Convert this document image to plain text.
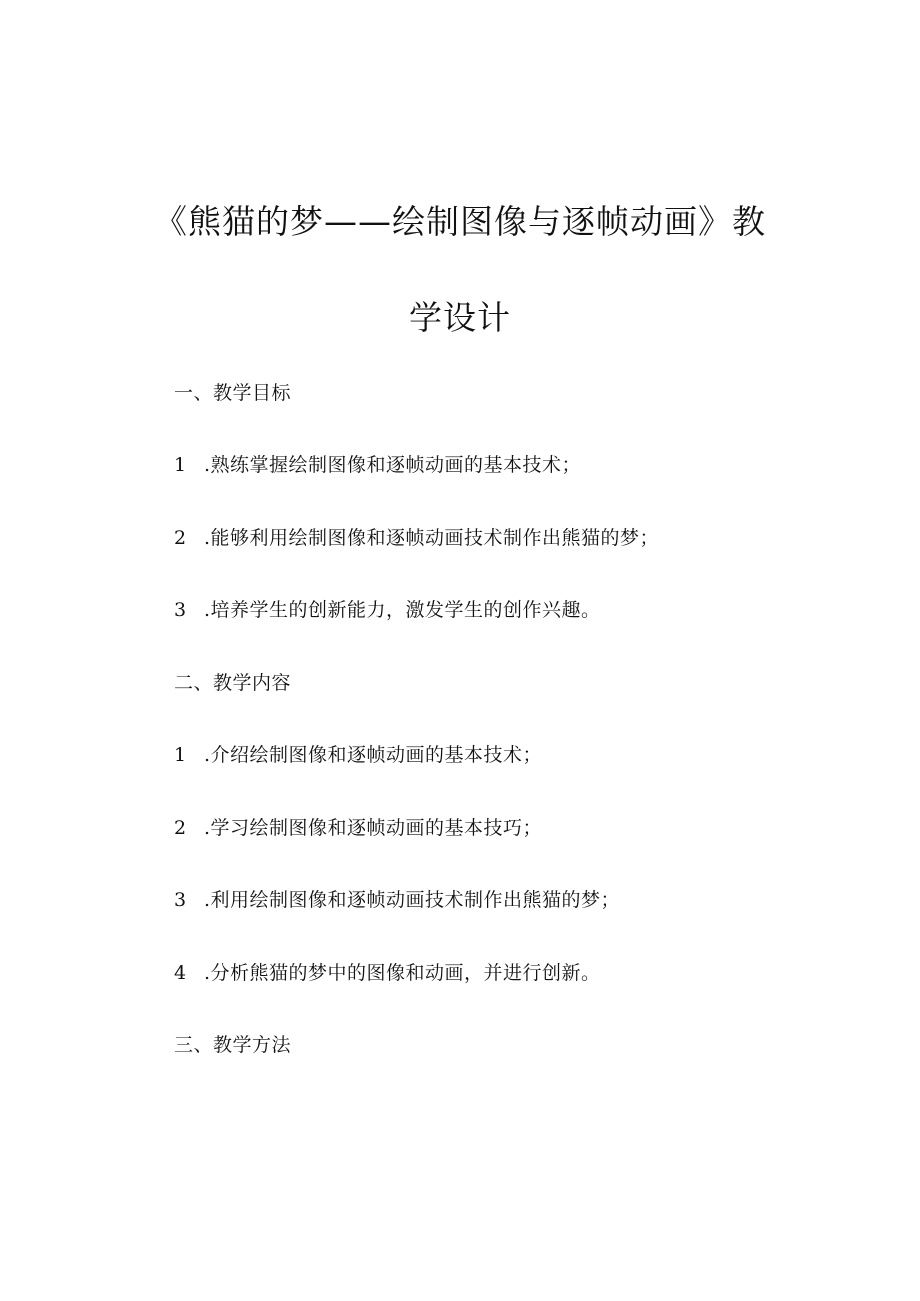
《熊猫的梦——绘制图像与逐帧动画》教
学设计
一、教学目标
1 .熟练掌握绘制图像和逐帧动画的基本技术；
2 .能够利用绘制图像和逐帧动画技术制作出熊猫的梦；
3 .培养学生的创新能力，激发学生的创作兴趣。
二、教学内容
1 .介绍绘制图像和逐帧动画的基本技术；
2 .学习绘制图像和逐帧动画的基本技巧；
3 .利用绘制图像和逐帧动画技术制作出熊猫的梦；
4 .分析熊猫的梦中的图像和动画，并进行创新。
三、教学方法
